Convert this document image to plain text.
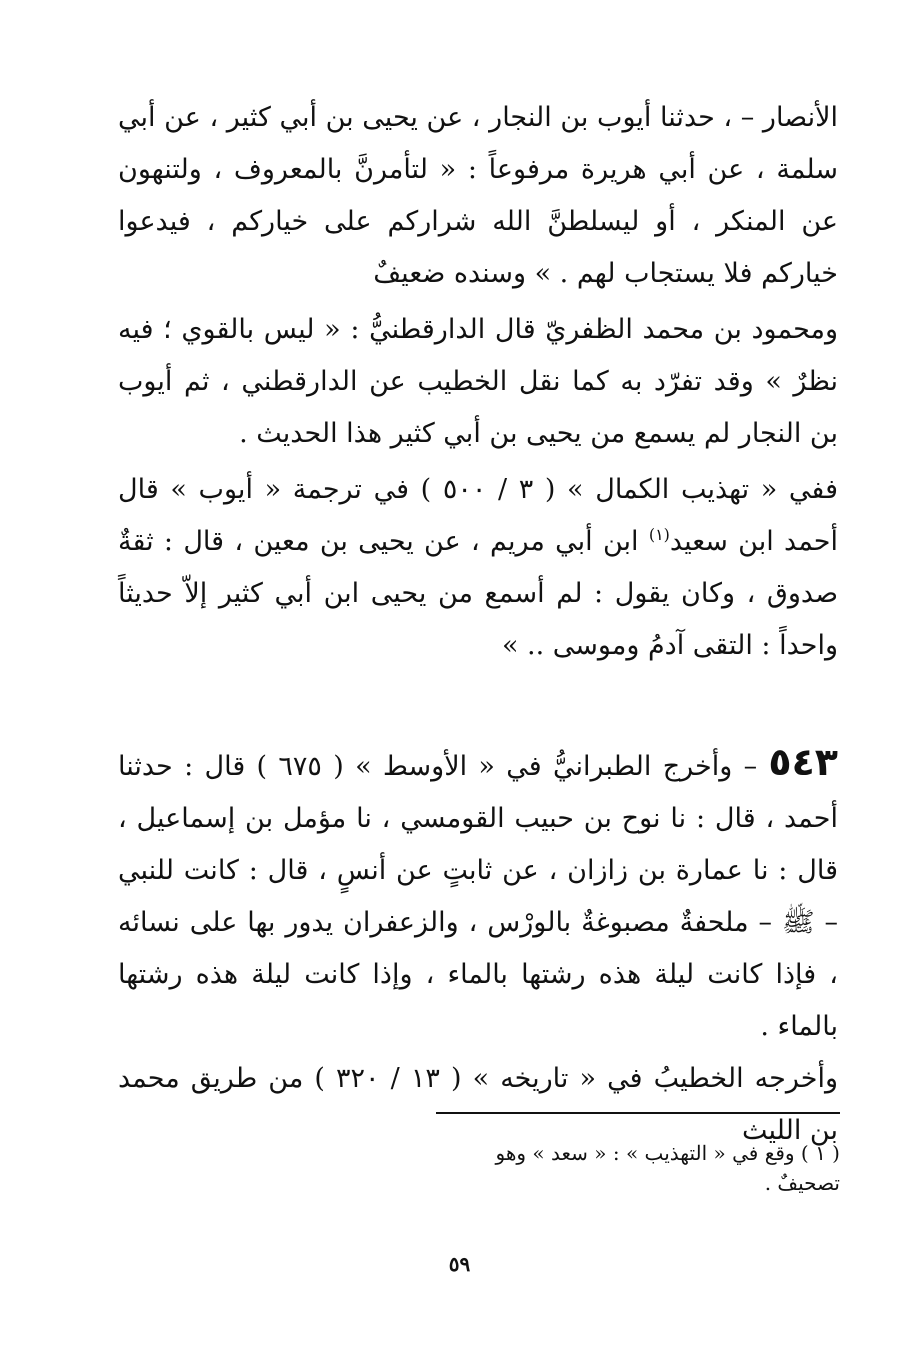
الأنصار – ، حدثنا أيوب بن النجار ، عن يحيى بن أبي كثير ، عن أبي سلمة ، عن أبي هريرة مرفوعاً : « لتأمرنَّ بالمعروف ، ولتنهون عن المنكر ، أو ليسلطنَّ الله شراركم على خياركم ، فيدعوا خياركم فلا يستجاب لهم . » وسنده ضعيفٌ

ومحمود بن محمد الظفريّ قال الدارقطنيُّ : « ليس بالقوي ؛ فيه نظرٌ » وقد تفرّد به كما نقل الخطيب عن الدارقطني ، ثم أيوب بن النجار لم يسمع من يحيى بن أبي كثير هذا الحديث .

ففي « تهذيب الكمال » ( ٣ / ٥٠٠ ) في ترجمة « أيوب » قال أحمد ابن سعيد$^{(١)}$ ابن أبي مريم ، عن يحيى بن معين ، قال : ثقةٌ صدوق ، وكان يقول : لم أسمع من يحيى ابن أبي كثير إلاّ حديثاً واحداً : التقى آدمُ وموسى .. »

٥٤٣ – وأخرج الطبرانيُّ في « الأوسط » ( ٦٧٥ ) قال : حدثنا أحمد ، قال : نا نوح بن حبيب القومسي ، نا مؤمل بن إسماعيل ، قال : نا عمارة بن زازان ، عن ثابتٍ عن أنسٍ ، قال : كانت للنبي – ﷺ – ملحفةٌ مصبوغةٌ بالورْس ، والزعفران يدور بها على نسائه ، فإذا كانت ليلة هذه رشتها بالماء ، وإذا كانت ليلة هذه رشتها بالماء .

وأخرجه الخطيبُ في « تاريخه » ( ١٣ / ٣٢٠ ) من طريق محمد بن الليث

( ١ ) وقع في « التهذيب » : « سعد » وهو تصحيفٌ .
٥٩
